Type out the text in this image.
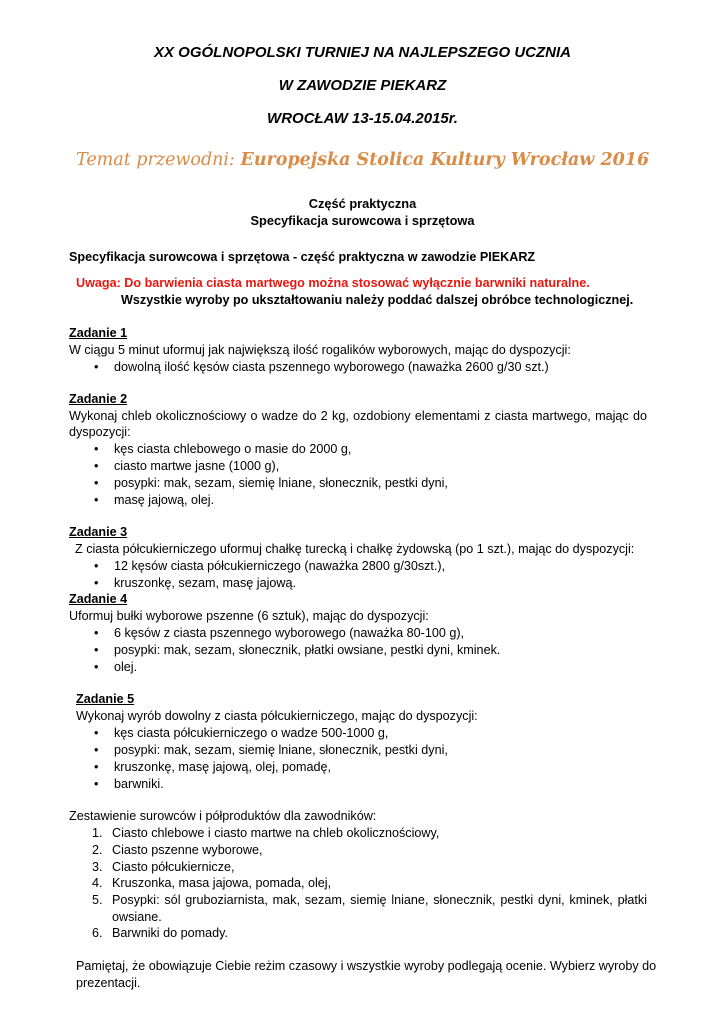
XX OGÓLNOPOLSKI TURNIEJ NA NAJLEPSZEGO UCZNIA
W ZAWODZIE PIEKARZ
WROCŁAW 13-15.04.2015r.
Temat przewodni: Europejska Stolica Kultury Wrocław 2016
Część praktyczna
Specyfikacja surowcowa i sprzętowa
Specyfikacja surowcowa i sprzętowa - część praktyczna w zawodzie PIEKARZ
Uwaga: Do barwienia ciasta martwego można stosować wyłącznie barwniki naturalne.
Wszystkie wyroby po ukształtowaniu należy poddać dalszej obróbce technologicznej.
Zadanie 1
W ciągu 5 minut uformuj jak największą ilość rogalików wyborowych, mając do dyspozycji:
• dowolną ilość kęsów ciasta pszennego wyborowego (naważka 2600 g/30 szt.)
Zadanie 2
Wykonaj chleb okolicznościowy o wadze do 2 kg, ozdobiony elementami z ciasta martwego, mając do
dyspozycji:
• kęs ciasta chlebowego o masie do 2000 g,
• ciasto martwe jasne (1000 g),
• posypki: mak, sezam, siemię lniane, słonecznik, pestki dyni,
• masę jajową, olej.
Zadanie 3
Z ciasta półcukierniczego uformuj chałkę turecką i chałkę żydowską (po 1 szt.), mając do dyspozycji:
• 12 kęsów ciasta półcukierniczego (naważka 2800 g/30szt.),
• kruszonkę, sezam, masę jajową.
Zadanie 4
Uformuj bułki wyborowe pszenne (6 sztuk), mając do dyspozycji:
• 6 kęsów z ciasta pszennego wyborowego (naważka 80-100 g),
• posypki: mak, sezam, słonecznik, płatki owsiane, pestki dyni, kminek.
• olej.
Zadanie 5
Wykonaj wyrób dowolny z ciasta półcukierniczego, mając do dyspozycji:
• kęs ciasta półcukierniczego o wadze 500-1000 g,
• posypki: mak, sezam, siemię lniane, słonecznik, pestki dyni,
• kruszonkę, masę jajową, olej, pomadę,
• barwniki.
Zestawienie surowców i półproduktów dla zawodników:
1. Ciasto chlebowe i ciasto martwe na chleb okolicznościowy,
2. Ciasto pszenne wyborowe,
3. Ciasto półcukiernicze,
4. Kruszonka, masa jajowa, pomada, olej,
5. Posypki: sól gruboziarnista, mak, sezam, siemię lniane, słonecznik, pestki dyni, kminek, płatki
owsiane.
6. Barwniki do pomady.
Pamiętaj, że obowiązuje Ciebie reżim czasowy i wszystkie wyroby podlegają ocenie. Wybierz wyroby do
prezentacji.
